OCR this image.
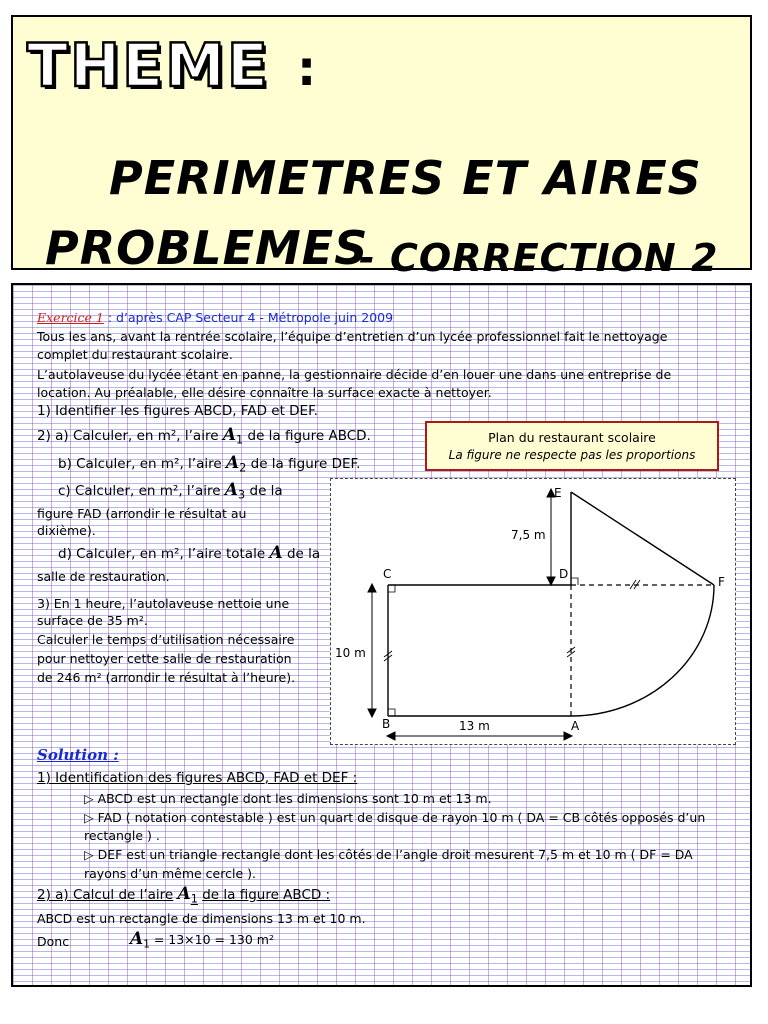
THEME :
PERIMETRES ET AIRES
PROBLEMES
- CORRECTION 2
Exercice 1 : d’après CAP Secteur 4 - Métropole juin 2009
Tous les ans, avant la rentrée scolaire, l’équipe d’entretien d’un lycée professionnel fait le nettoyage
complet du restaurant scolaire.
L’autolaveuse du lycée étant en panne, la gestionnaire décide d’en louer une dans une entreprise de
location. Au préalable, elle désire connaître la surface exacte à nettoyer.
1) Identifier les figures ABCD, FAD et DEF.
2) a) Calculer, en m², l’aire $A_1$ de la figure ABCD.
b) Calculer, en m², l’aire $A_2$ de la figure DEF.
c) Calculer, en m², l’aire $A_3$ de la
figure FAD (arrondir le résultat au
dixième).
d) Calculer, en m², l’aire totale A de la
salle de restauration.
3) En 1 heure, l’autolaveuse nettoie une
surface de 35 m².
Calculer le temps d’utilisation nécessaire
pour nettoyer cette salle de restauration
de 246 m² (arrondir le résultat à l’heure).
Plan du restaurant scolaire
La figure ne respecte pas les proportions
E
D
F
C
B	A
7,5 m
10 m
13 m
Solution :
1) Identification des figures ABCD, FAD et DEF :
▷ ABCD est un rectangle dont les dimensions sont 10 m et 13 m.
▷ FAD ( notation contestable ) est un quart de disque de rayon 10 m ( DA = CB côtés opposés d’un
rectangle ) .
▷ DEF est un triangle rectangle dont les côtés de l’angle droit mesurent 7,5 m et 10 m ( DF = DA
rayons d’un même cercle ).
2) a) Calcul de l’aire $A_1$ de la figure ABCD :
ABCD est un rectangle de dimensions 13 m et 10 m.
Donc	$A_1 = 13\times 10 = 130$ m²
